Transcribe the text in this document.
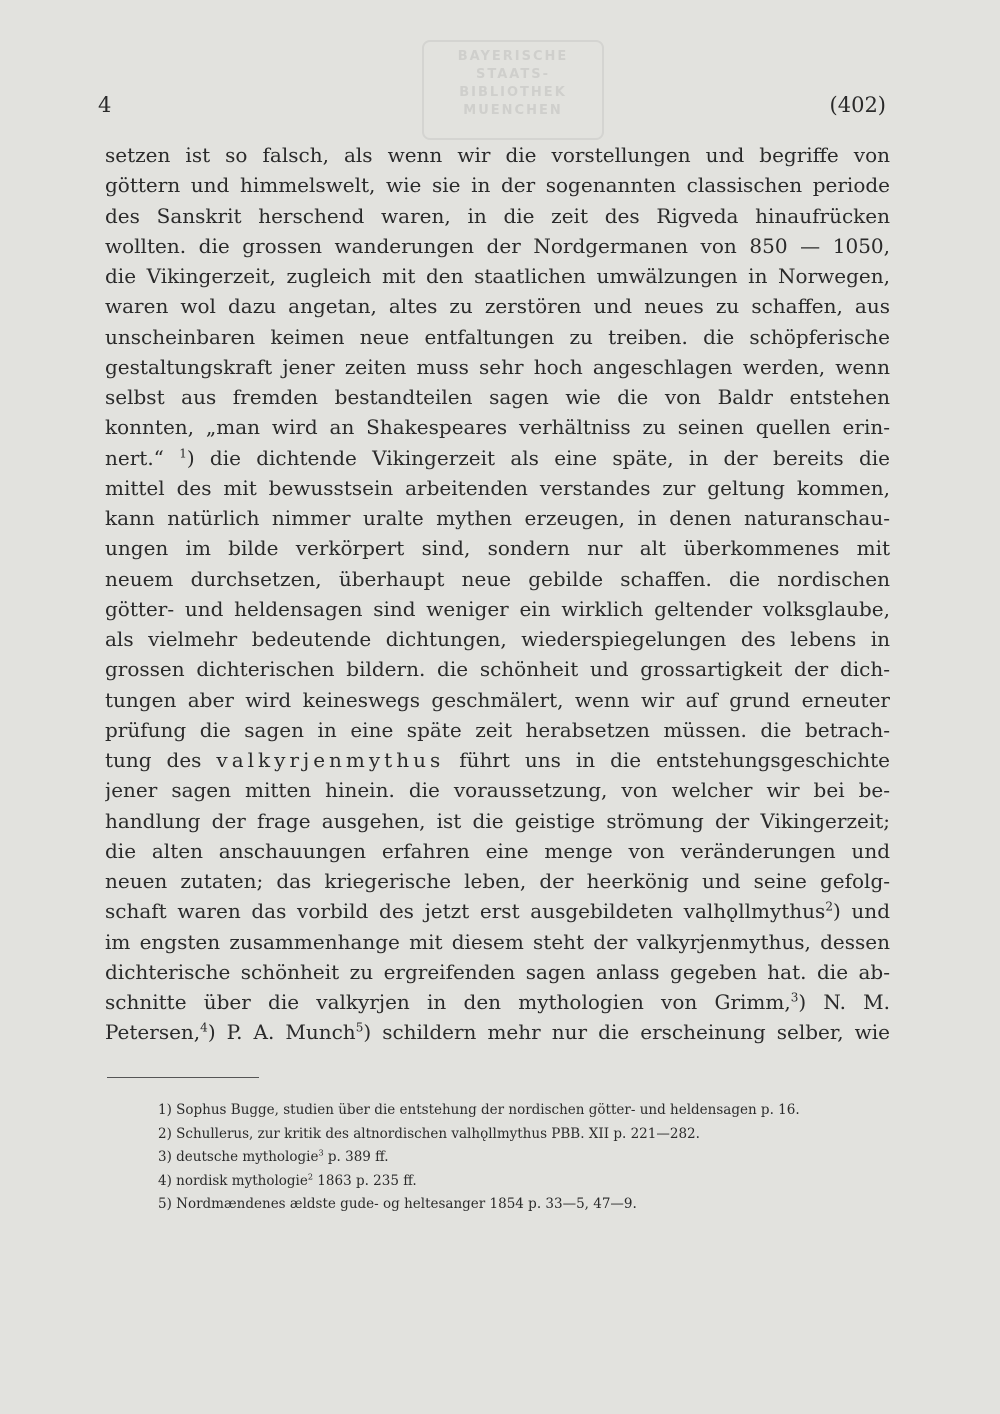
BAYERISCHE
STAATS-
BIBLIOTHEK
MUENCHEN
4	(402)
setzen ist so falsch, als wenn wir die vorstellungen und begriffe von
göttern und himmelswelt, wie sie in der sogenannten classischen periode
des Sanskrit herschend waren, in die zeit des Rigveda hinaufrücken
wollten. die grossen wanderungen der Nordgermanen von 850 — 1050,
die Vikingerzeit, zugleich mit den staatlichen umwälzungen in Norwegen,
waren wol dazu angetan, altes zu zerstören und neues zu schaffen, aus
unscheinbaren keimen neue entfaltungen zu treiben. die schöpferische
gestaltungskraft jener zeiten muss sehr hoch angeschlagen werden, wenn
selbst aus fremden bestandteilen sagen wie die von Baldr entstehen
konnten, „man wird an Shakespeares verhältniss zu seinen quellen erin-
nert.“ $^1$) die dichtende Vikingerzeit als eine späte, in der bereits die
mittel des mit bewusstsein arbeitenden verstandes zur geltung kommen,
kann natürlich nimmer uralte mythen erzeugen, in denen naturanschau-
ungen im bilde verkörpert sind, sondern nur alt überkommenes mit
neuem durchsetzen, überhaupt neue gebilde schaffen. die nordischen
götter- und heldensagen sind weniger ein wirklich geltender volksglaube,
als vielmehr bedeutende dichtungen, wiederspiegelungen des lebens in
grossen dichterischen bildern. die schönheit und grossartigkeit der dich-
tungen aber wird keineswegs geschmälert, wenn wir auf grund erneuter
prüfung die sagen in eine späte zeit herabsetzen müssen. die betrach-
tung des valkyrjenmythus führt uns in die entstehungsgeschichte
jener sagen mitten hinein. die voraussetzung, von welcher wir bei be-
handlung der frage ausgehen, ist die geistige strömung der Vikingerzeit;
die alten anschauungen erfahren eine menge von veränderungen und
neuen zutaten; das kriegerische leben, der heerkönig und seine gefolg-
schaft waren das vorbild des jetzt erst ausgebildeten valhǫllmythus$^2$) und
im engsten zusammenhange mit diesem steht der valkyrjenmythus, dessen
dichterische schönheit zu ergreifenden sagen anlass gegeben hat. die ab-
schnitte über die valkyrjen in den mythologien von Grimm,$^3$) N. M.
Petersen,$^4$) P. A. Munch$^5$) schildern mehr nur die erscheinung selber, wie
1) Sophus Bugge, studien über die entstehung der nordischen götter- und heldensagen p. 16.
2) Schullerus, zur kritik des altnordischen valhǫllmythus PBB. XII p. 221—282.
3) deutsche mythologie$^3$ p. 389 ff.
4) nordisk mythologie$^2$ 1863 p. 235 ff.
5) Nordmændenes ældste gude- og heltesanger 1854 p. 33—5, 47—9.
